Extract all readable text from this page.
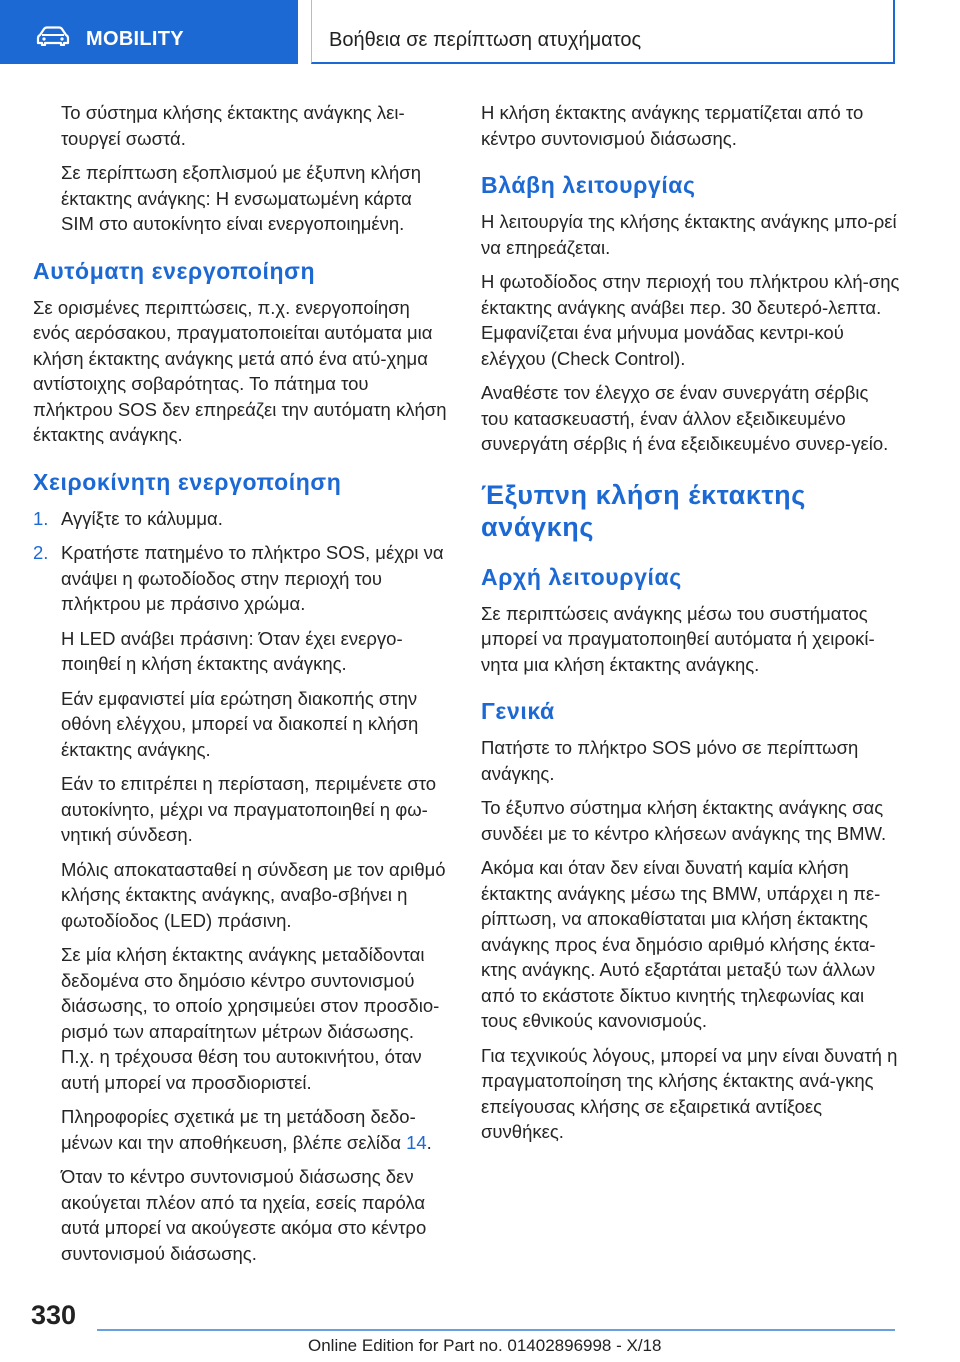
MOBILITY	Βοήθεια σε περίπτωση ατυχήματος
Το σύστημα κλήσης έκτακτης ανάγκης λει-τουργεί σωστά.
Σε περίπτωση εξοπλισμού με έξυπνη κλήση έκτακτης ανάγκης: Η ενσωματωμένη κάρτα SIM στο αυτοκίνητο είναι ενεργοποιημένη.
Αυτόματη ενεργοποίηση

Σε ορισμένες περιπτώσεις, π.χ. ενεργοποίηση ενός αερόσακου, πραγματοποιείται αυτόματα μια κλήση έκτακτης ανάγκης μετά από ένα ατύ-χημα αντίστοιχης σοβαρότητας. Το πάτημα του πλήκτρου SOS δεν επηρεάζει την αυτόματη κλήση έκτακτης ανάγκης.

Χειροκίνητη ενεργοποίηση
1. Αγγίξτε το κάλυμμα.
2. Κρατήστε πατημένο το πλήκτρο SOS, μέχρι να ανάψει η φωτοδίοδος στην περιοχή του πλήκτρου με πράσινο χρώμα.
Η LED ανάβει πράσινη: Όταν έχει ενεργο-ποιηθεί η κλήση έκτακτης ανάγκης.

Εάν εμφανιστεί μία ερώτηση διακοπής στην οθόνη ελέγχου, μπορεί να διακοπεί η κλήση έκτακτης ανάγκης.

Εάν το επιτρέπει η περίσταση, περιμένετε στο αυτοκίνητο, μέχρι να πραγματοποιηθεί η φω-νητική σύνδεση.

Μόλις αποκατασταθεί η σύνδεση με τον αριθμό κλήσης έκτακτης ανάγκης, αναβο-σβήνει η φωτοδίοδος (LED) πράσινη.

Σε μία κλήση έκτακτης ανάγκης μεταδίδονται δεδομένα στο δημόσιο κέντρο συντονισμού διάσωσης, το οποίο χρησιμεύει στον προσδιο-ρισμό των απαραίτητων μέτρων διάσωσης. Π.χ. η τρέχουσα θέση του αυτοκινήτου, όταν αυτή μπορεί να προσδιοριστεί.

Πληροφορίες σχετικά με τη μετάδοση δεδο-μένων και την αποθήκευση, βλέπε σελίδα 14.

Όταν το κέντρο συντονισμού διάσωσης δεν ακούγεται πλέον από τα ηχεία, εσείς παρόλα αυτά μπορεί να ακούγεστε ακόμα στο κέντρο συντονισμού διάσωσης.

Η κλήση έκτακτης ανάγκης τερματίζεται από το κέντρο συντονισμού διάσωσης.

Βλάβη λειτουργίας

Η λειτουργία της κλήσης έκτακτης ανάγκης μπο-ρεί να επηρεάζεται.

Η φωτοδίοδος στην περιοχή του πλήκτρου κλή-σης έκτακτης ανάγκης ανάβει περ. 30 δευτερό-λεπτα. Εμφανίζεται ένα μήνυμα μονάδας κεντρι-κού ελέγχου (Check Control).

Αναθέστε τον έλεγχο σε έναν συνεργάτη σέρβις του κατασκευαστή, έναν άλλον εξειδικευμένο συνεργάτη σέρβις ή ένα εξειδικευμένο συνερ-γείο.

Έξυπνη κλήση έκτακτης ανάγκης
Αρχή λειτουργίας

Σε περιπτώσεις ανάγκης μέσω του συστήματος μπορεί να πραγματοποιηθεί αυτόματα ή χειροκί-νητα μια κλήση έκτακτης ανάγκης.

Γενικά

Πατήστε το πλήκτρο SOS μόνο σε περίπτωση ανάγκης.

Το έξυπνο σύστημα κλήση έκτακτης ανάγκης σας συνδέει με το κέντρο κλήσεων ανάγκης της BMW.

Ακόμα και όταν δεν είναι δυνατή καμία κλήση έκτακτης ανάγκης μέσω της BMW, υπάρχει η πε-ρίπτωση, να αποκαθίσταται μια κλήση έκτακτης ανάγκης προς ένα δημόσιο αριθμό κλήσης έκτα-κτης ανάγκης. Αυτό εξαρτάται μεταξύ των άλλων από το εκάστοτε δίκτυο κινητής τηλεφωνίας και τους εθνικούς κανονισμούς.

Για τεχνικούς λόγους, μπορεί να μην είναι δυνατή η πραγματοποίηση της κλήσης έκτακτης ανά-γκης επείγουσας κλήσης σε εξαιρετικά αντίξοες συνθήκες.

330
Online Edition for Part no. 01402896998 - X/18
